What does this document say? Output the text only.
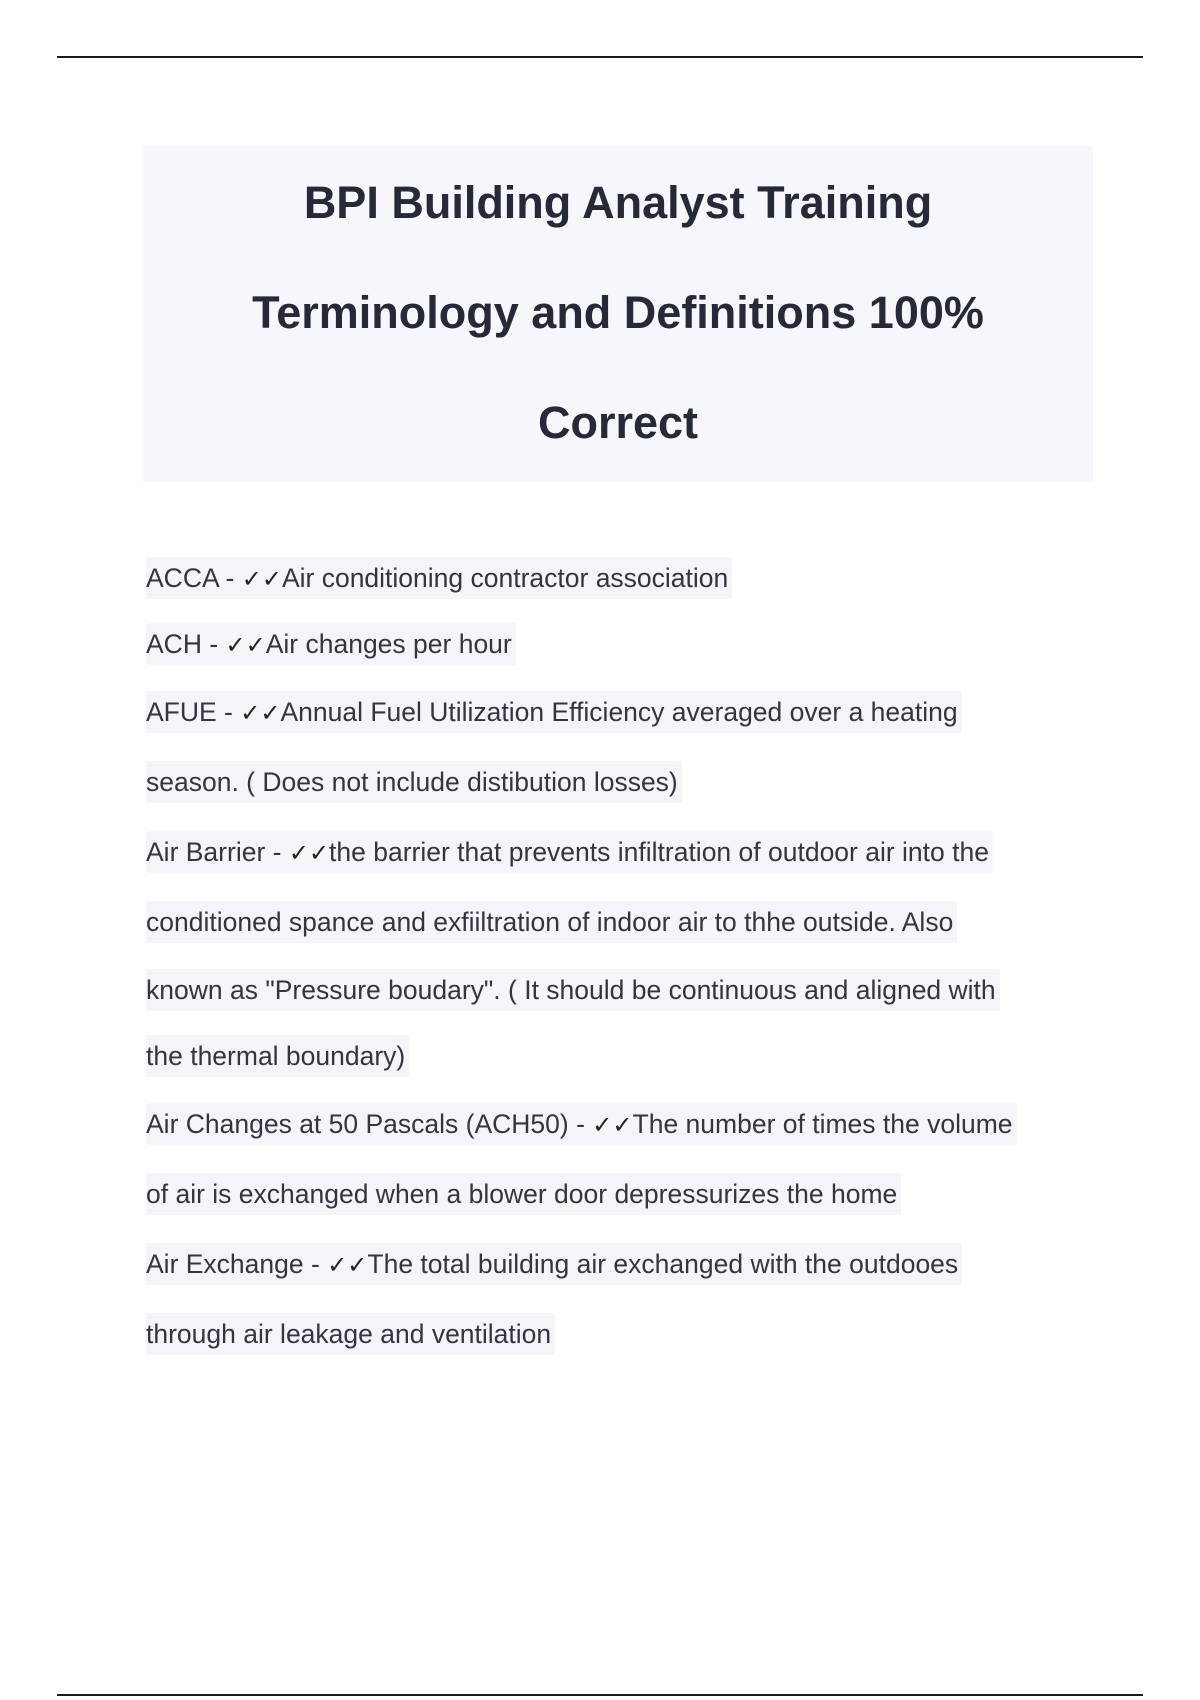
BPI Building Analyst Training
Terminology and Definitions 100%
Correct
ACCA - ✓✓Air conditioning contractor association
ACH - ✓✓Air changes per hour
AFUE - ✓✓Annual Fuel Utilization Efficiency averaged over a heating
season. ( Does not include distibution losses)
Air Barrier - ✓✓the barrier that prevents infiltration of outdoor air into the
conditioned spance and exfiiltration of indoor air to thhe outside. Also
known as "Pressure boudary". ( It should be continuous and aligned with
the thermal boundary)
Air Changes at 50 Pascals (ACH50) - ✓✓The number of times the volume
of air is exchanged when a blower door depressurizes the home
Air Exchange - ✓✓The total building air exchanged with the outdooes
through air leakage and ventilation
